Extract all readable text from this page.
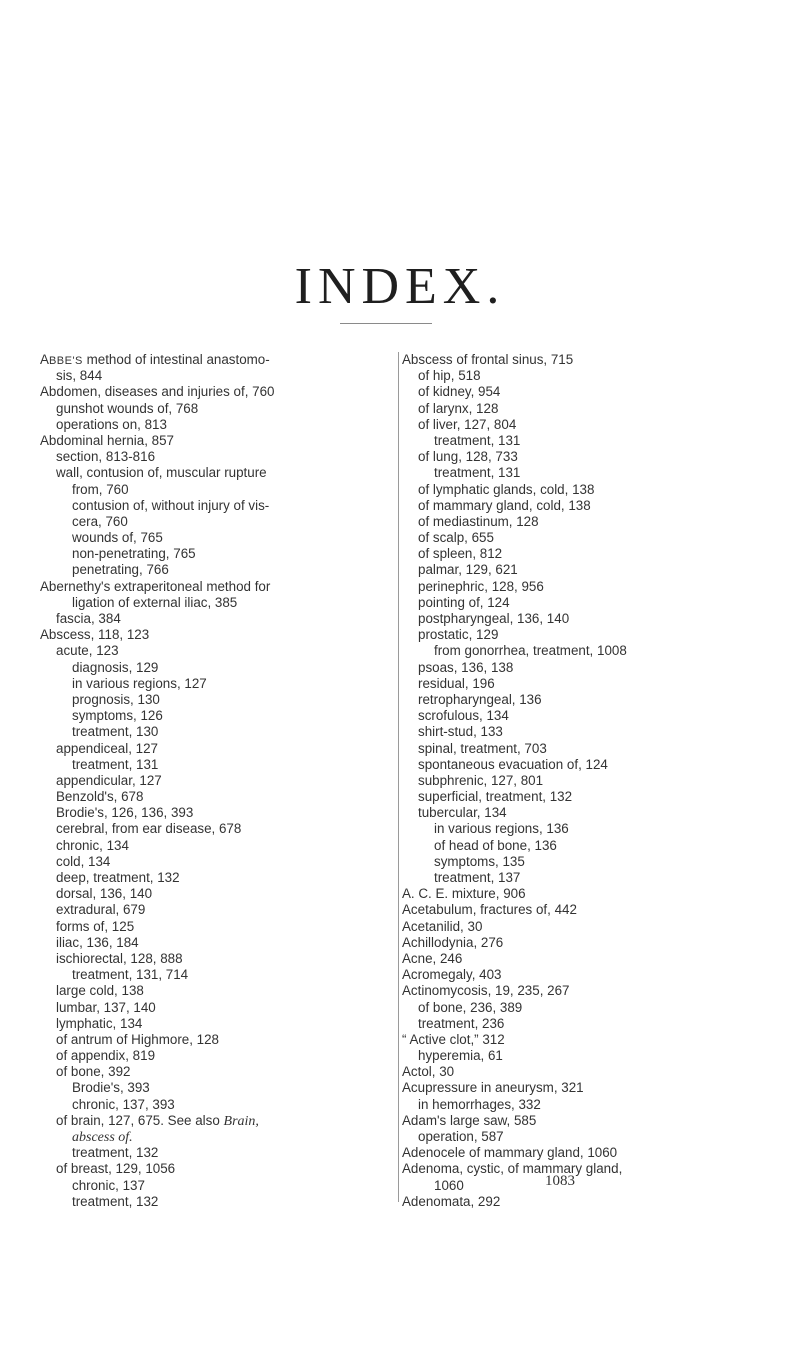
INDEX.
ABBE'S method of intestinal anastomo-
sis, 844
Abdomen, diseases and injuries of, 760
gunshot wounds of, 768
operations on, 813
Abdominal hernia, 857
section, 813-816
wall, contusion of, muscular rupture
from, 760
contusion of, without injury of vis-
cera, 760
wounds of, 765
non-penetrating, 765
penetrating, 766
Abernethy's extraperitoneal method for
ligation of external iliac, 385
fascia, 384
Abscess, 118, 123
acute, 123
diagnosis, 129
in various regions, 127
prognosis, 130
symptoms, 126
treatment, 130
appendiceal, 127
treatment, 131
appendicular, 127
Benzold's, 678
Brodie's, 126, 136, 393
cerebral, from ear disease, 678
chronic, 134
cold, 134
deep, treatment, 132
dorsal, 136, 140
extradural, 679
forms of, 125
iliac, 136, 184
ischiorectal, 128, 888
treatment, 131, 714
large cold, 138
lumbar, 137, 140
lymphatic, 134
of antrum of Highmore, 128
of appendix, 819
of bone, 392
Brodie's, 393
chronic, 137, 393
of brain, 127, 675. See also Brain,
abscess of.
treatment, 132
of breast, 129, 1056
chronic, 137
treatment, 132
Abscess of frontal sinus, 715
of hip, 518
of kidney, 954
of larynx, 128
of liver, 127, 804
treatment, 131
of lung, 128, 733
treatment, 131
of lymphatic glands, cold, 138
of mammary gland, cold, 138
of mediastinum, 128
of scalp, 655
of spleen, 812
palmar, 129, 621
perinephric, 128, 956
pointing of, 124
postpharyngeal, 136, 140
prostatic, 129
from gonorrhea, treatment, 1008
psoas, 136, 138
residual, 196
retropharyngeal, 136
scrofulous, 134
shirt-stud, 133
spinal, treatment, 703
spontaneous evacuation of, 124
subphrenic, 127, 801
superficial, treatment, 132
tubercular, 134
in various regions, 136
of head of bone, 136
symptoms, 135
treatment, 137
A. C. E. mixture, 906
Acetabulum, fractures of, 442
Acetanilid, 30
Achillodynia, 276
Acne, 246
Acromegaly, 403
Actinomycosis, 19, 235, 267
of bone, 236, 389
treatment, 236
“ Active clot,” 312
hyperemia, 61
Actol, 30
Acupressure in aneurysm, 321
in hemorrhages, 332
Adam's large saw, 585
operation, 587
Adenocele of mammary gland, 1060
Adenoma, cystic, of mammary gland,
1060
Adenomata, 292
1083
